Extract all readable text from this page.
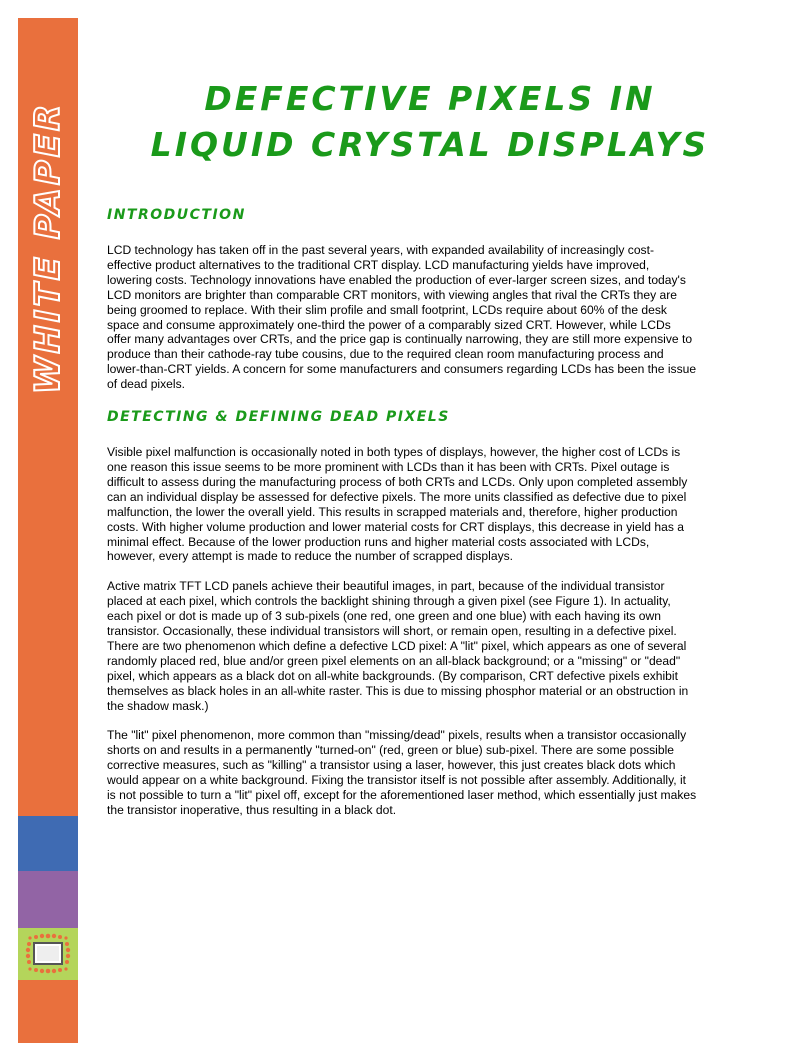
WHITE PAPER
DEFECTIVE PIXELS IN
LIQUID CRYSTAL DISPLAYS
INTRODUCTION

LCD technology has taken off in the past several years, with expanded availability of increasingly cost-effective product alternatives to the traditional CRT display. LCD manufacturing yields have improved, lowering costs. Technology innovations have enabled the production of ever-larger screen sizes, and today's LCD monitors are brighter than comparable CRT monitors, with viewing angles that rival the CRTs they are being groomed to replace. With their slim profile and small footprint, LCDs require about 60% of the desk space and consume approximately one-third the power of a comparably sized CRT. However, while LCDs offer many advantages over CRTs, and the price gap is continually narrowing, they are still more expensive to produce than their cathode-ray tube cousins, due to the required clean room manufacturing process and lower-than-CRT yields. A concern for some manufacturers and consumers regarding LCDs has been the issue of dead pixels.

DETECTING & DEFINING DEAD PIXELS

Visible pixel malfunction is occasionally noted in both types of displays, however, the higher cost of LCDs is one reason this issue seems to be more prominent with LCDs than it has been with CRTs. Pixel outage is difficult to assess during the manufacturing process of both CRTs and LCDs. Only upon completed assembly can an individual display be assessed for defective pixels. The more units classified as defective due to pixel malfunction, the lower the overall yield. This results in scrapped materials and, therefore, higher production costs. With higher volume production and lower material costs for CRT displays, this decrease in yield has a minimal effect. Because of the lower production runs and higher material costs associated with LCDs, however, every attempt is made to reduce the number of scrapped displays.

Active matrix TFT LCD panels achieve their beautiful images, in part, because of the individual transistor placed at each pixel, which controls the backlight shining through a given pixel (see Figure 1). In actuality, each pixel or dot is made up of 3 sub-pixels (one red, one green and one blue) with each having its own transistor. Occasionally, these individual transistors will short, or remain open, resulting in a defective pixel. There are two phenomenon which define a defective LCD pixel: A "lit" pixel, which appears as one of several randomly placed red, blue and/or green pixel elements on an all-black background; or a "missing" or "dead" pixel, which appears as a black dot on all-white backgrounds. (By comparison, CRT defective pixels exhibit themselves as black holes in an all-white raster. This is due to missing phosphor material or an obstruction in the shadow mask.)

The "lit" pixel phenomenon, more common than "missing/dead" pixels, results when a transistor occasionally shorts on and results in a permanently "turned-on" (red, green or blue) sub-pixel. There are some possible corrective measures, such as "killing" a transistor using a laser, however, this just creates black dots which would appear on a white background. Fixing the transistor itself is not possible after assembly. Additionally, it is not possible to turn a "lit" pixel off, except for the aforementioned laser method, which essentially just makes the transistor inoperative, thus resulting in a black dot.
